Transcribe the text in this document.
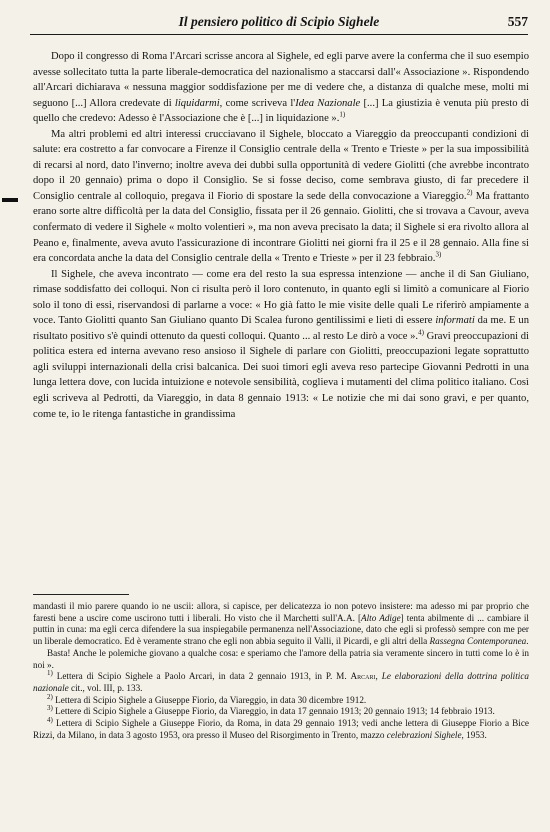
Il pensiero politico di Scipio Sighele	557

Dopo il congresso di Roma l'Arcari scrisse ancora al Sighele, ed egli parve avere la conferma che il suo esempio avesse sollecitato tutta la parte liberale-democratica del nazionalismo a staccarsi dall'« Associazione ». Rispondendo all'Arcari dichiarava « nessuna maggior soddisfazione per me di vedere che, a distanza di qualche mese, molti mi seguono [...] Allora credevate di liquidarmi, come scriveva l'Idea Nazionale [...] La giustizia è venuta più presto di quello che credevo: Adesso è l'Associazione che è [...] in liquidazione ».$^{1)}$

Ma altri problemi ed altri interessi crucciavano il Sighele, bloccato a Viareggio da preoccupanti condizioni di salute: era costretto a far convocare a Firenze il Consiglio centrale della « Trento e Trieste » per la sua impossibilità di recarsi al nord, dato l'inverno; inoltre aveva dei dubbi sulla opportunità di vedere Giolitti (che avrebbe incontrato dopo il 20 gennaio) prima o dopo il Consiglio. Se si fosse deciso, come sembrava giusto, di far precedere il Consiglio centrale al colloquio, pregava il Fiorio di spostare la sede della convocazione a Viareggio.$^{2)}$ Ma frattanto erano sorte altre difficoltà per la data del Consiglio, fissata per il 26 gennaio. Giolitti, che si trovava a Cavour, aveva confermato di vedere il Sighele « molto volentieri », ma non aveva precisato la data; il Sighele si era rivolto allora al Peano e, finalmente, aveva avuto l'assicurazione di incontrare Giolitti nei giorni fra il 25 e il 28 gennaio. Alla fine si era concordata anche la data del Consiglio centrale della « Trento e Trieste » per il 23 febbraio.$^{3)}$

Il Sighele, che aveva incontrato — come era del resto la sua espressa intenzione — anche il di San Giuliano, rimase soddisfatto dei colloqui. Non ci risulta però il loro contenuto, in quanto egli si limitò a comunicare al Fiorio solo il tono di essi, riservandosi di parlarne a voce: « Ho già fatto le mie visite delle quali Le riferirò ampiamente a voce. Tanto Giolitti quanto San Giuliano quanto Di Scalea furono gentilissimi e lieti di essere informati da me. E un risultato positivo s'è quindi ottenuto da questi colloqui. Quanto ... al resto Le dirò a voce ».$^{4)}$ Gravi preoccupazioni di politica estera ed interna avevano reso ansioso il Sighele di parlare con Giolitti, preoccupazioni legate soprattutto agli sviluppi internazionali della crisi balcanica. Dei suoi timori egli aveva reso partecipe Giovanni Pedrotti in una lunga lettera dove, con lucida intuizione e notevole sensibilità, coglieva i mutamenti del clima politico italiano. Così egli scriveva al Pedrotti, da Viareggio, in data 8 gennaio 1913: « Le notizie che mi dai sono gravi, e per quanto, come te, io le ritenga fantastiche in grandissima

mandasti il mio parere quando io ne uscii: allora, si capisce, per delicatezza io non potevo insistere: ma adesso mi par proprio che faresti bene a uscire come uscirono tutti i liberali. Ho visto che il Marchetti sull'A.A. [Alto Adige] tenta abilmente di ... cambiare il puttin in cuna: ma egli cerca difendere la sua inspiegabile permanenza nell'Associazione, dato che egli si professò sempre con me per un liberale democratico. Ed è veramente strano che egli non abbia seguito il Valli, il Picardi, e gli altri della Rassegna Contemporanea.

Basta! Anche le polemiche giovano a qualche cosa: e speriamo che l'amore della patria sia veramente sincero in tutti come lo è in noi ».

$^{1)}$ Lettera di Scipio Sighele a Paolo Arcari, in data 2 gennaio 1913, in P. M. Arcari, Le elaborazioni della dottrina politica nazionale cit., vol. III, p. 133.

$^{2)}$ Lettera di Scipio Sighele a Giuseppe Fiorio, da Viareggio, in data 30 dicembre 1912.

$^{3)}$ Lettere di Scipio Sighele a Giuseppe Fiorio, da Viareggio, in data 17 gennaio 1913; 20 gennaio 1913; 14 febbraio 1913.

$^{4)}$ Lettera di Scipio Sighele a Giuseppe Fiorio, da Roma, in data 29 gennaio 1913; vedi anche lettera di Giuseppe Fiorio a Bice Rizzi, da Milano, in data 3 agosto 1953, ora presso il Museo del Risorgimento in Trento, mazzo celebrazioni Sighele, 1953.
